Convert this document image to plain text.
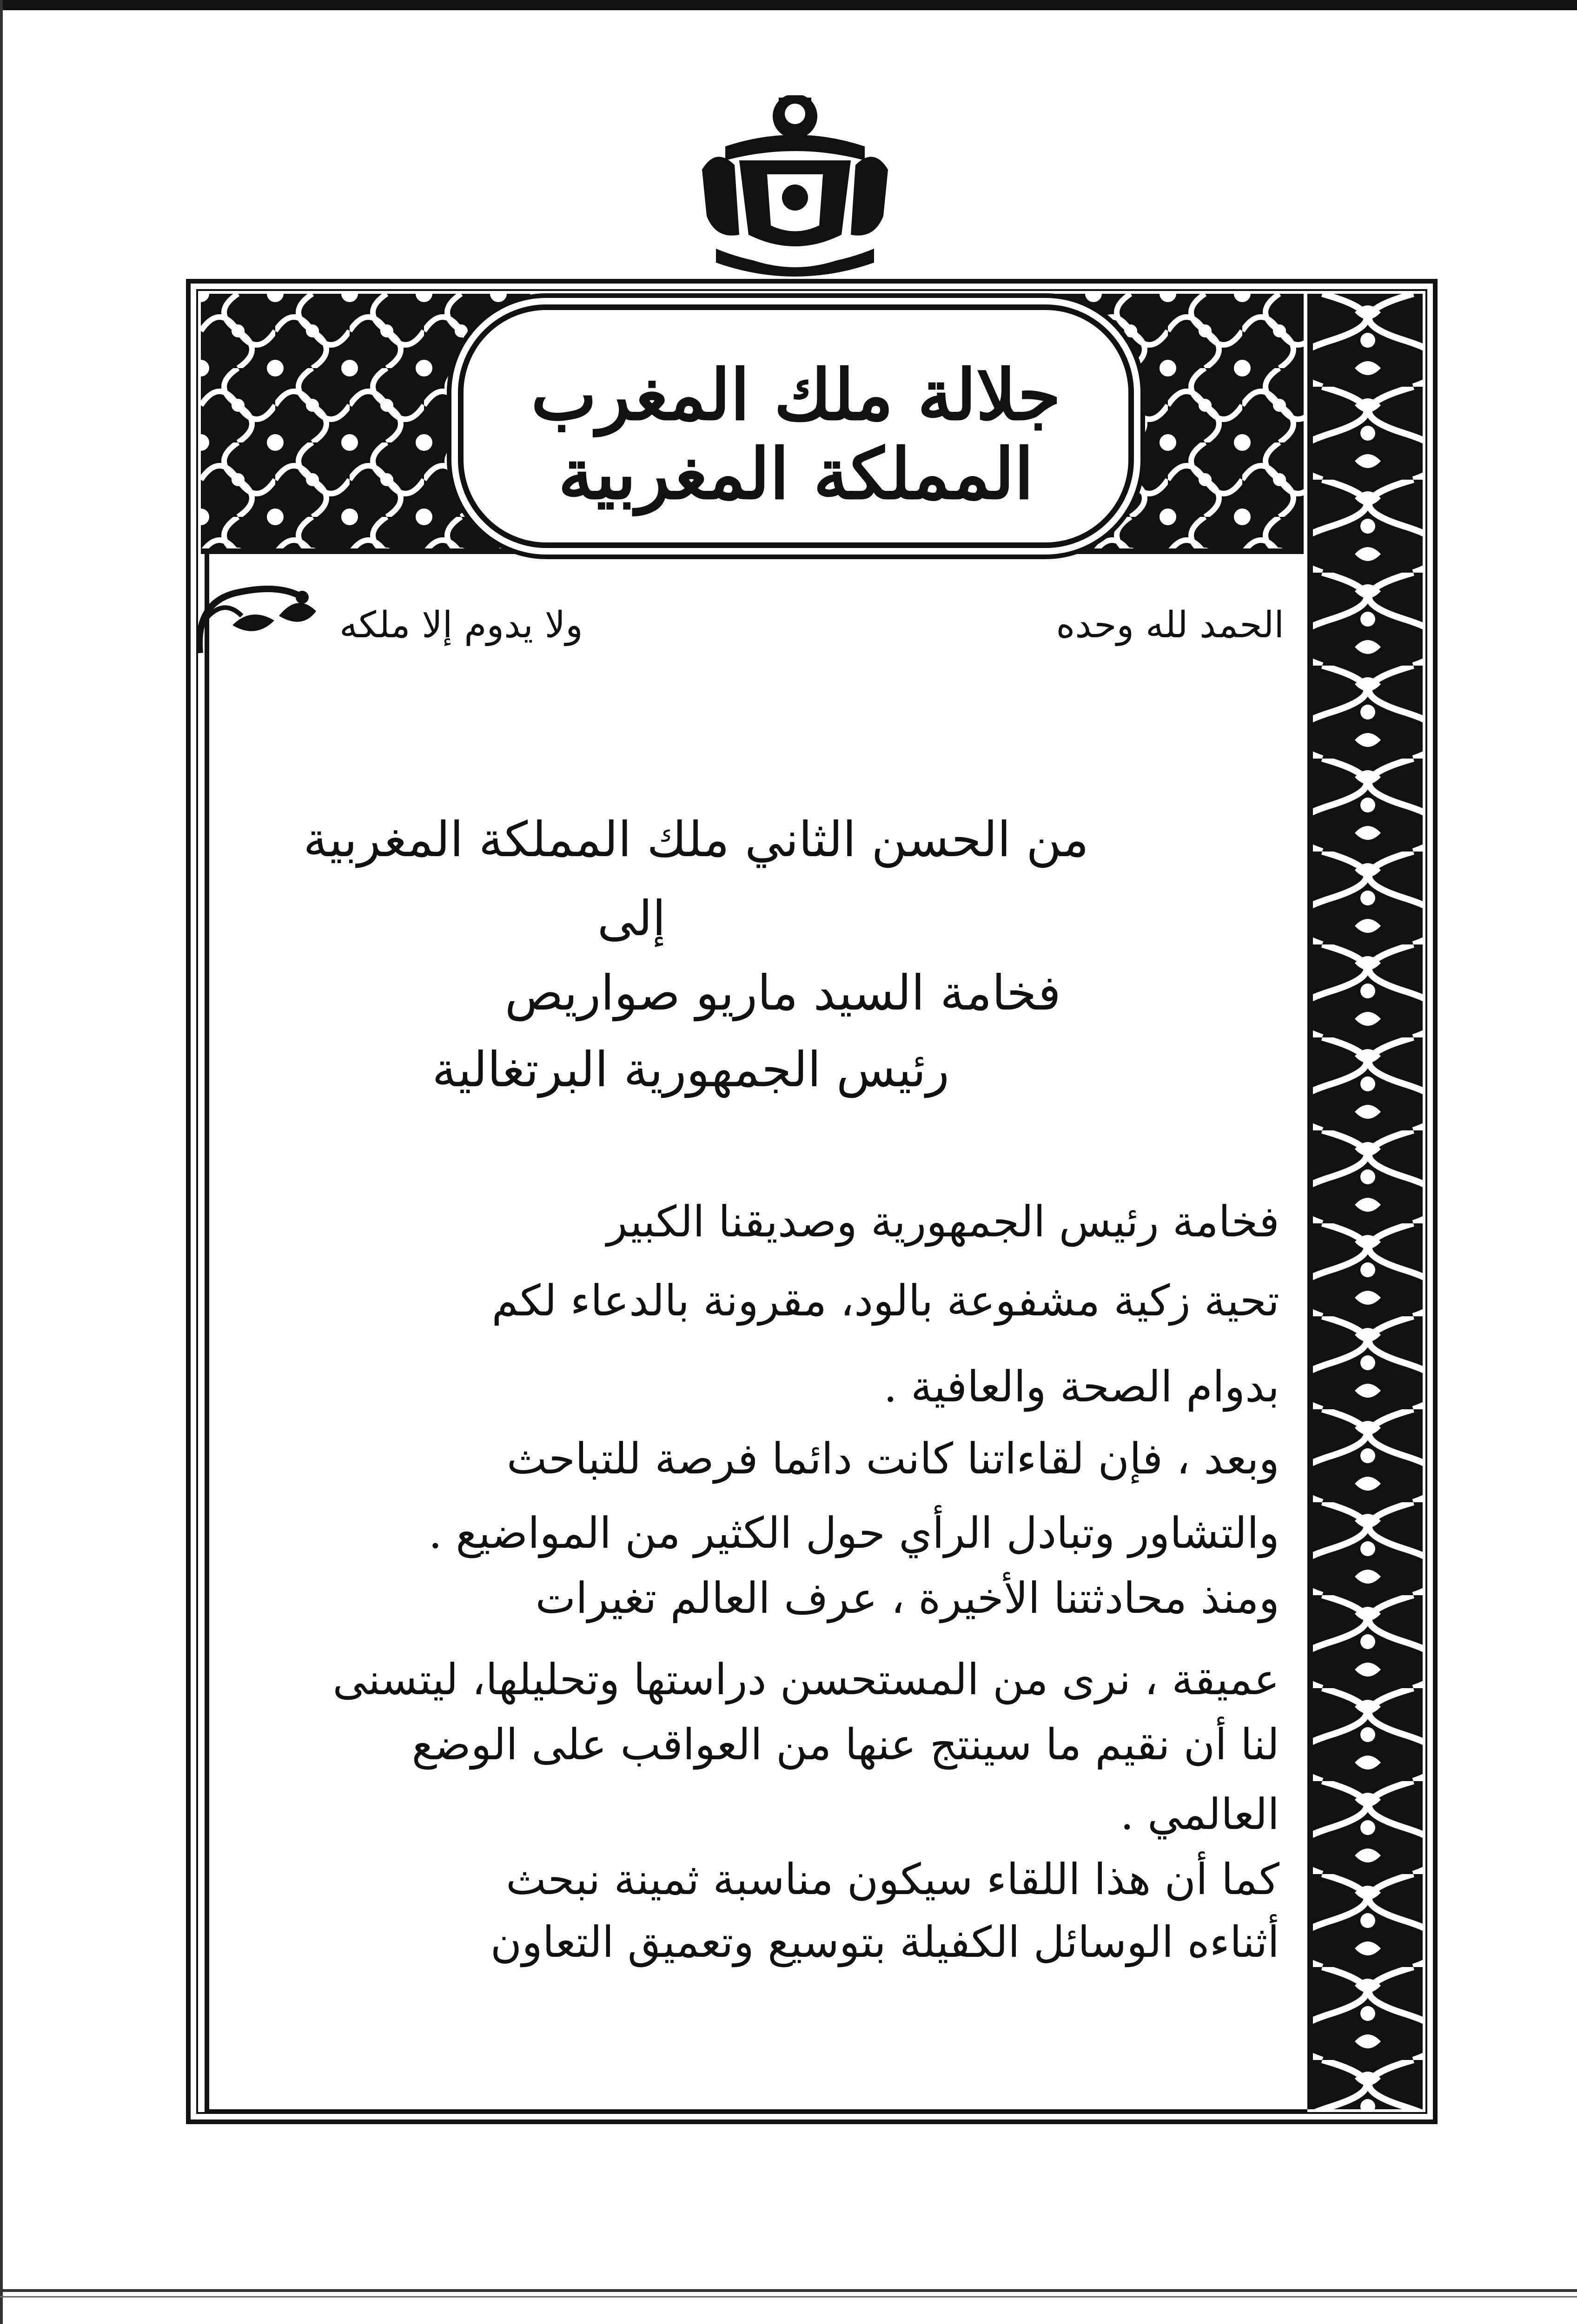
جلالة ملك المغرب
المملكة المغربية
الحمد لله وحده
ولا يدوم إلا ملكه
من الحسن الثاني ملك المملكة المغربية
إلى
فخامة السيد ماريو صواريص
رئيس الجمهورية البرتغالية
فخامة رئيس الجمهورية وصديقنا الكبير
تحية زكية مشفوعة بالود، مقرونة بالدعاء لكم
بدوام الصحة والعافية .
وبعد ، فإن لقاءاتنا كانت دائما فرصة للتباحث
والتشاور وتبادل الرأي حول الكثير من المواضيع .
ومنذ محادثتنا الأخيرة ، عرف العالم تغيرات
عميقة ، نرى من المستحسن دراستها وتحليلها، ليتسنى
لنا أن نقيم ما سينتج عنها من العواقب على الوضع
العالمي .
كما أن هذا اللقاء سيكون مناسبة ثمينة نبحث
أثناءه الوسائل الكفيلة بتوسيع وتعميق التعاون
